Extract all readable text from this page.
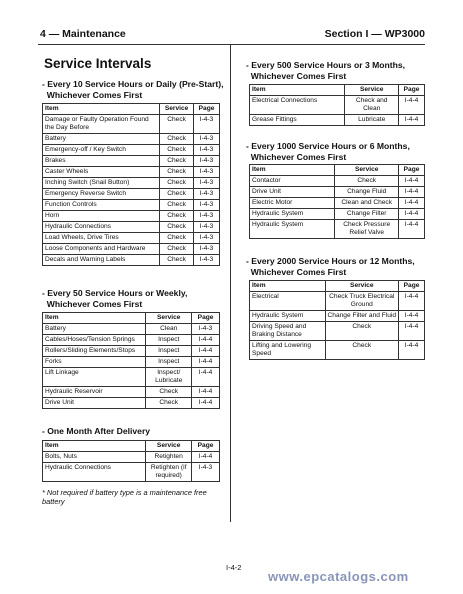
4 — Maintenance	Section I — WP3000
Service Intervals
- Every 10 Service Hours or Daily (Pre-Start),
Whichever Comes First
Item	Service	Page
Damage or Faulty Operation Found the Day Before	Check	I-4-3
Battery	Check	I-4-3
Emergency-off / Key Switch	Check	I-4-3
Brakes	Check	I-4-3
Caster Wheels	Check	I-4-3
Inching Switch (Snail Button)	Check	I-4-3
Emergency Reverse Switch	Check	I-4-3
Function Controls	Check	I-4-3
Horn	Check	I-4-3
Hydraulic Connections	Check	I-4-3
Load Wheels, Drive Tires	Check	I-4-3
Loose Components and Hardware	Check	I-4-3
Decals and Warning Labels	Check	I-4-3
- Every 50 Service Hours or Weekly,
Whichever Comes First
Item	Service	Page
Battery	Clean	I-4-3
Cables/Hoses/Tension Springs	Inspect	I-4-4
Rollers/Sliding Elements/Stops	Inspect	I-4-4
Forks	Inspect	I-4-4
Lift Linkage	Inspect/ Lubricate	I-4-4
Hydraulic Reservoir	Check	I-4-4
Drive Unit	Check	I-4-4
- One Month After Delivery
Item	Service	Page
Bolts, Nuts	Retighten	I-4-4
Hydraulic Connections	Retighten (if required)	I-4-3
* Not required if battery type is a maintenance free battery
- Every 500 Service Hours or 3 Months,
Whichever Comes First
Item	Service	Page
Electrical Connections	Check and Clean	I-4-4
Grease Fittings	Lubricate	I-4-4
- Every 1000 Service Hours or 6 Months,
Whichever Comes First
Item	Service	Page
Contactor	Check	I-4-4
Drive Unit	Change Fluid	I-4-4
Electric Motor	Clean and Check	I-4-4
Hydraulic System	Change Filter	I-4-4
Hydraulic System	Check Pressure Relief Valve	I-4-4
- Every 2000 Service Hours or 12 Months,
Whichever Comes First
Item	Service	Page
Electrical	Check Truck Electrical Ground	I-4-4
Hydraulic System	Change Filter and Fluid	I-4-4
Driving Speed and Braking Distance	Check	I-4-4
Lifting and Lowering Speed	Check	I-4-4
I-4-2
www.epcatalogs.com
